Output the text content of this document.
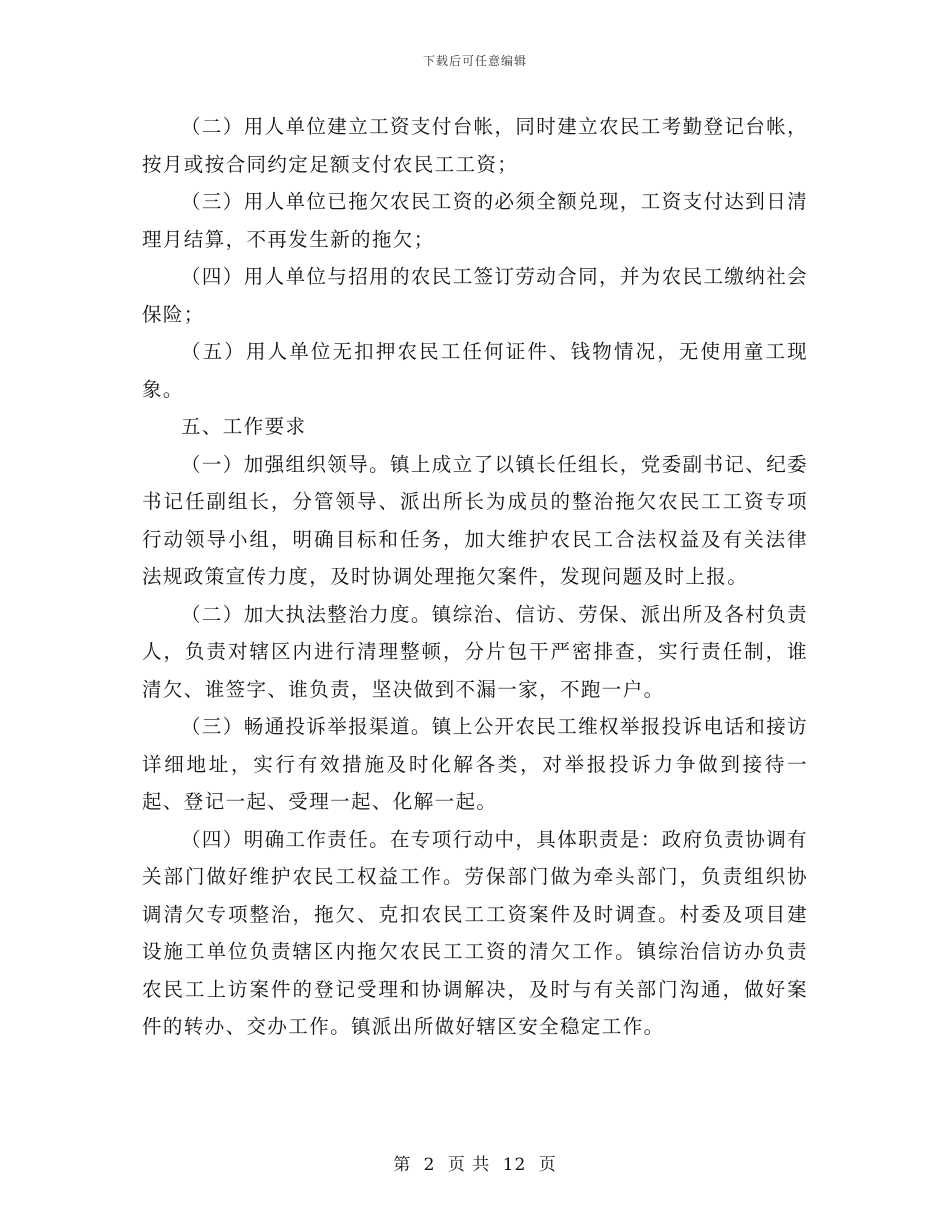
下载后可任意编辑

（二）用人单位建立工资支付台帐，同时建立农民工考勤登记台帐，按月或按合同约定足额支付农民工工资；

（三）用人单位已拖欠农民工资的必须全额兑现，工资支付达到日清理月结算，不再发生新的拖欠；

（四）用人单位与招用的农民工签订劳动合同，并为农民工缴纳社会保险；

（五）用人单位无扣押农民工任何证件、钱物情况，无使用童工现象。

五、工作要求

（一）加强组织领导。镇上成立了以镇长任组长，党委副书记、纪委书记任副组长，分管领导、派出所长为成员的整治拖欠农民工工资专项行动领导小组，明确目标和任务，加大维护农民工合法权益及有关法律法规政策宣传力度，及时协调处理拖欠案件，发现问题及时上报。

（二）加大执法整治力度。镇综治、信访、劳保、派出所及各村负责人，负责对辖区内进行清理整顿，分片包干严密排查，实行责任制，谁清欠、谁签字、谁负责，坚决做到不漏一家，不跑一户。

（三）畅通投诉举报渠道。镇上公开农民工维权举报投诉电话和接访详细地址，实行有效措施及时化解各类，对举报投诉力争做到接待一起、登记一起、受理一起、化解一起。

（四）明确工作责任。在专项行动中，具体职责是：政府负责协调有关部门做好维护农民工权益工作。劳保部门做为牵头部门，负责组织协调清欠专项整治，拖欠、克扣农民工工资案件及时调查。村委及项目建设施工单位负责辖区内拖欠农民工工资的清欠工作。镇综治信访办负责农民工上访案件的登记受理和协调解决，及时与有关部门沟通，做好案件的转办、交办工作。镇派出所做好辖区安全稳定工作。

第 2 页 共 12 页
